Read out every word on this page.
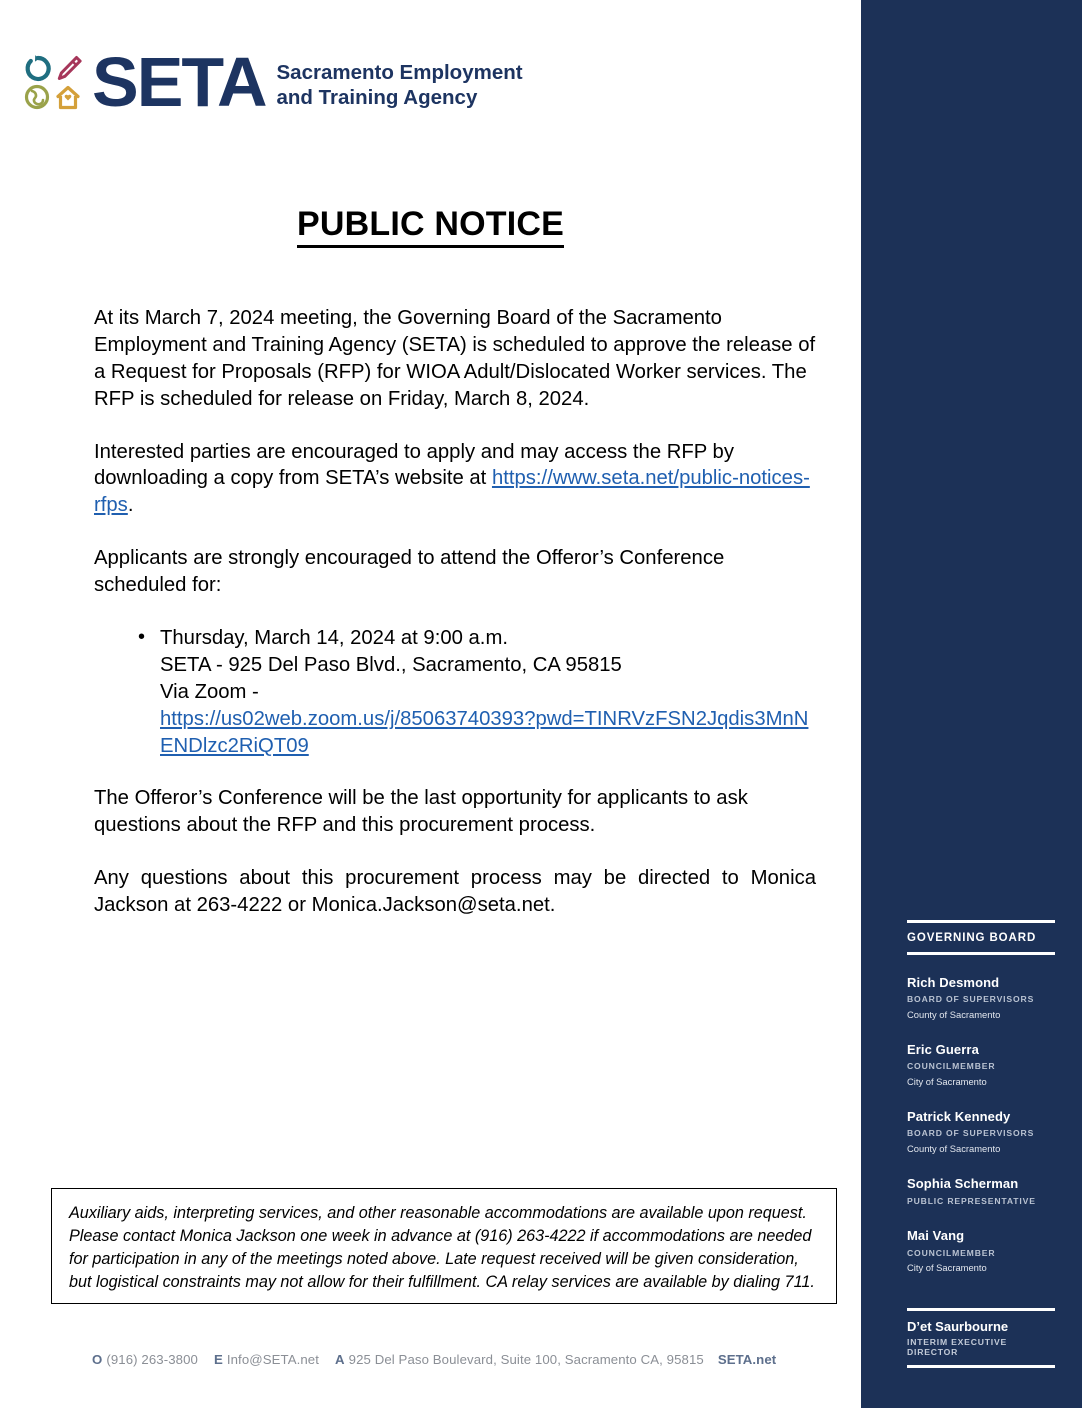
GOVERNING BOARD
Rich Desmond
BOARD OF SUPERVISORS
County of Sacramento
Eric Guerra
COUNCILMEMBER
City of Sacramento
Patrick Kennedy
BOARD OF SUPERVISORS
County of Sacramento
Sophia Scherman
PUBLIC REPRESENTATIVE
Mai Vang
COUNCILMEMBER
City of Sacramento
D’et Saurbourne
INTERIM EXECUTIVE DIRECTOR
SETA Sacramento Employment
and Training Agency
PUBLIC NOTICE

At its March 7, 2024 meeting, the Governing Board of the Sacramento Employment and Training Agency (SETA) is scheduled to approve the release of a Request for Proposals (RFP) for WIOA Adult/Dislocated Worker services. The RFP is scheduled for release on Friday, March 8, 2024.

Interested parties are encouraged to apply and may access the RFP by downloading a copy from SETA’s website at https://www.seta.net/public-notices-rfps.

Applicants are strongly encouraged to attend the Offeror’s Conference scheduled for:

• Thursday, March 14, 2024 at 9:00 a.m.
SETA - 925 Del Paso Blvd., Sacramento, CA 95815
Via Zoom -
https://us02web.zoom.us/j/85063740393?pwd=TINRVzFSN2Jqdis3MnNENDlzc2RiQT09

The Offeror’s Conference will be the last opportunity for applicants to ask questions about the RFP and this procurement process.

Any questions about this procurement process may be directed to Monica Jackson at 263-4222 or Monica.Jackson@seta.net.

Auxiliary aids, interpreting services, and other reasonable accommodations are available upon request. Please contact Monica Jackson one week in advance at (916) 263-4222 if accommodations are needed for participation in any of the meetings noted above. Late request received will be given consideration, but logistical constraints may not allow for their fulfillment. CA relay services are available by dialing 711.
O (916) 263-3800 E Info@SETA.net A 925 Del Paso Boulevard, Suite 100, Sacramento CA, 95815 SETA.net
